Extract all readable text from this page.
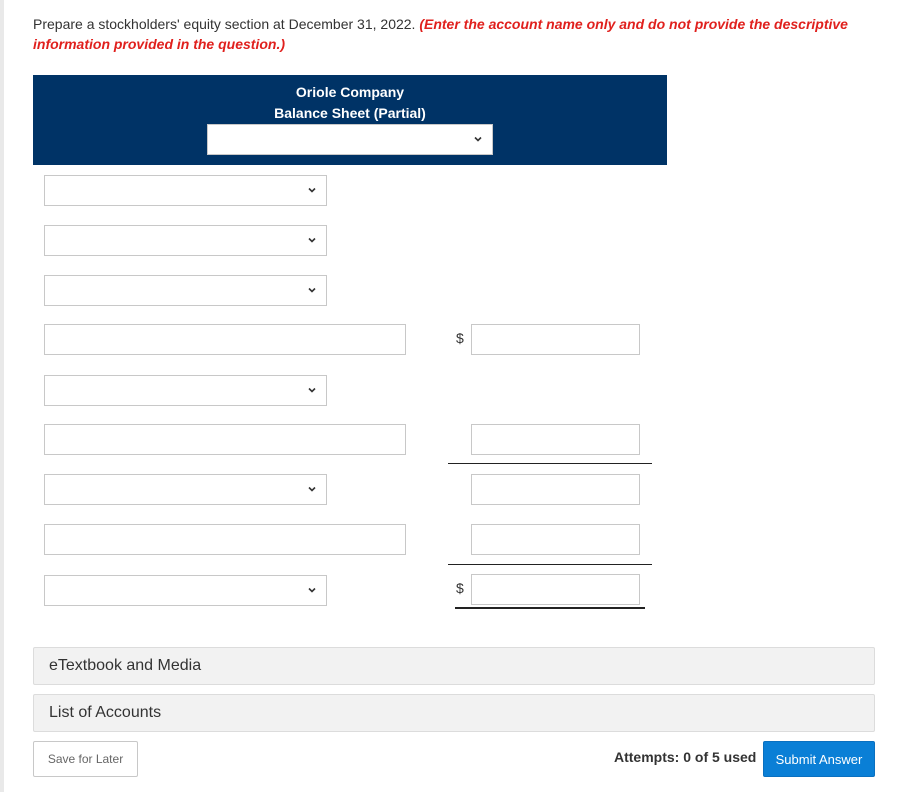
Prepare a stockholders' equity section at December 31, 2022. (Enter the account name only and do not provide the descriptive information provided in the question.)
Oriole Company
Balance Sheet (Partial)
$
$
eTextbook and Media
List of Accounts
Save for Later	Attempts: 0 of 5 used	Submit Answer
